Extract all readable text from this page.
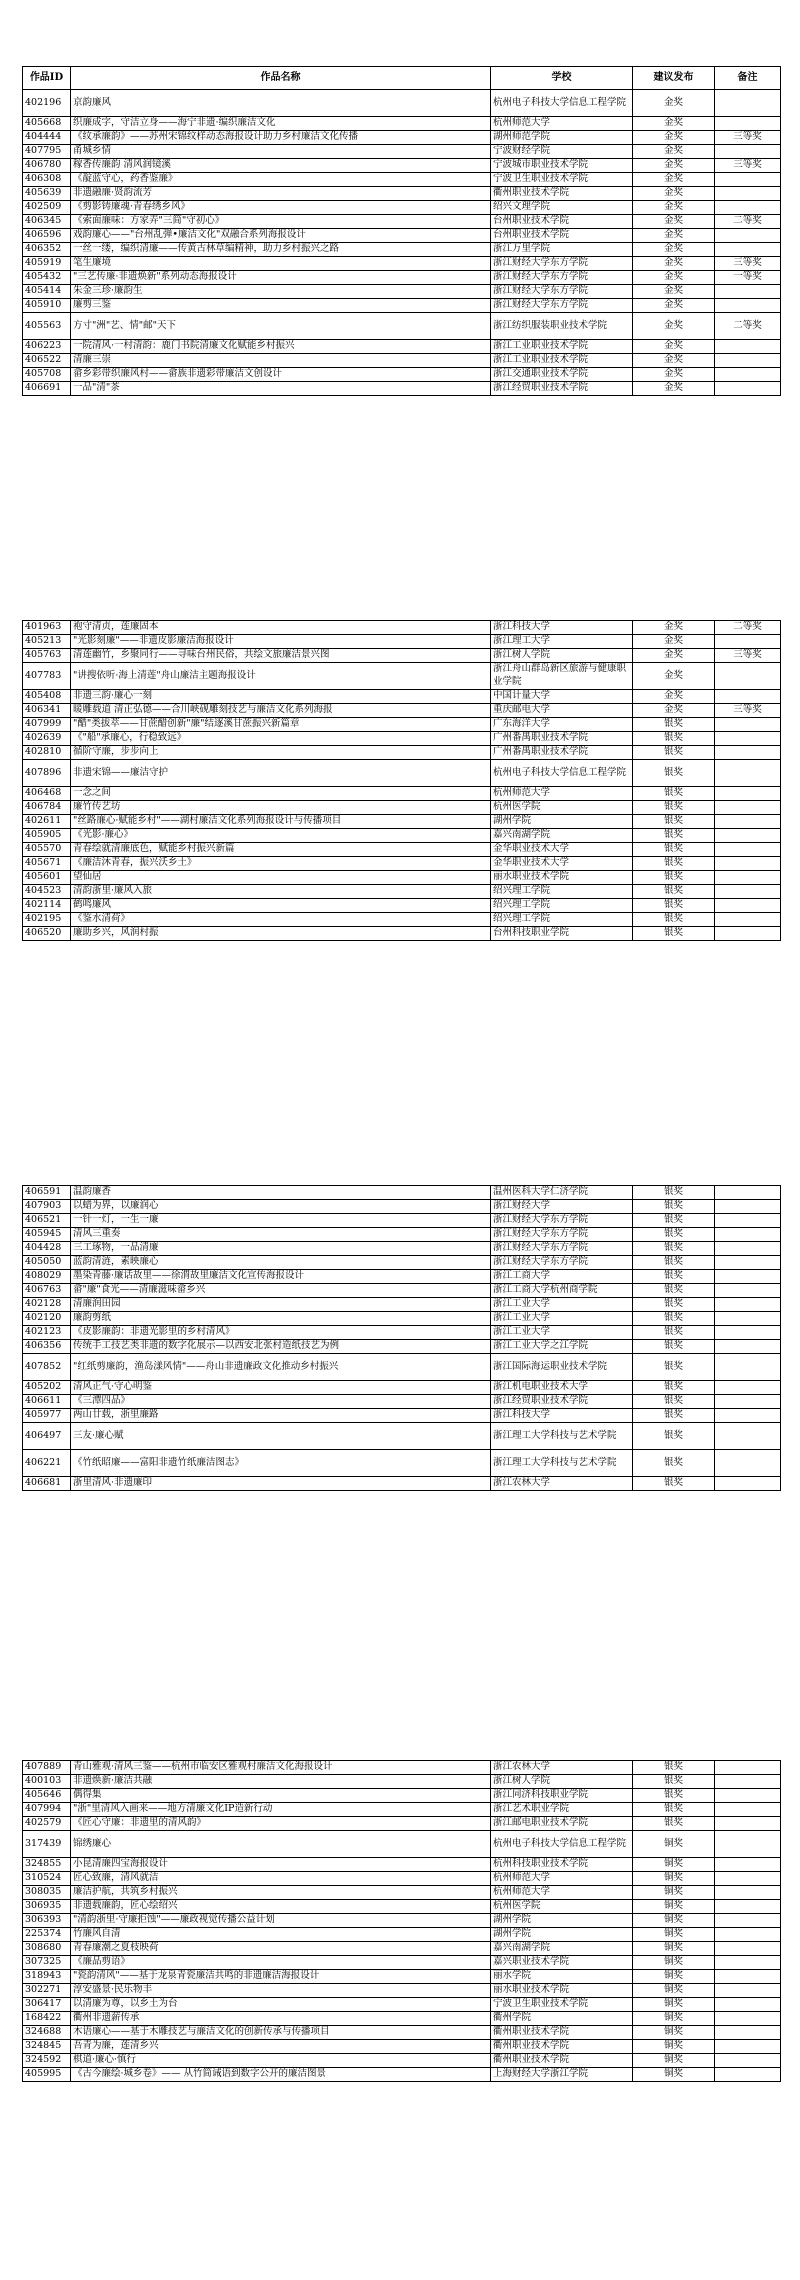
作品ID	作品名称	学校	建议发布	备注
402196	京韵廉风	杭州电子科技大学信息工程学院	金奖	
405668	织廉成字，守洁立身——海宁非遗·编织廉洁文化	杭州师范大学	金奖	
404444	《纹承廉韵》——苏州宋锦纹样动态海报设计助力乡村廉洁文化传播	湖州师范学院	金奖	三等奖
407795	甬城乡情	宁波财经学院	金奖	
406780	稼香传廉韵 清风润镜溪	宁波城市职业技术学院	金奖	三等奖
406308	《靛蓝守心，药香鉴廉》	宁波卫生职业技术学院	金奖	
405639	非遗融廉·贤韵流芳	衢州职业技术学院	金奖	
402509	《剪影铸廉魂·青春绣乡风》	绍兴文理学院	金奖	
406345	《索面廉味：方家弄"三简"守初心》	台州职业技术学院	金奖	二等奖
406596	戏韵廉心——"台州乱弹•廉洁文化"双融合系列海报设计	台州职业技术学院	金奖	
406352	一丝一缕，编织清廉——传黄古林草编精神，助力乡村振兴之路	浙江万里学院	金奖	
405919	笔生廉境	浙江财经大学东方学院	金奖	三等奖
405432	"三艺传廉·非遗焕新"系列动态海报设计	浙江财经大学东方学院	金奖	一等奖
405414	朱金三珍·廉韵生	浙江财经大学东方学院	金奖	
405910	廉剪三鉴	浙江财经大学东方学院	金奖	
405563	方寸"洲"艺、情"邮"天下	浙江纺织服装职业技术学院	金奖	二等奖
406223	一院清风·一村清韵：鹿门书院清廉文化赋能乡村振兴	浙江工业职业技术学院	金奖	
406522	清廉三崇	浙江工业职业技术学院	金奖	
405708	畲乡彩带织廉风村——畲族非遗彩带廉洁文创设计	浙江交通职业技术学院	金奖	
406691	一品"清"茶	浙江经贸职业技术学院	金奖	
401963	袍守清贞，莲廉固本	浙江科技大学	金奖	二等奖
405213	"光影刻廉"——非遗皮影廉洁海报设计	浙江理工大学	金奖	
405763	清莲幽竹，乡聚同行——寻味台州民俗，共绘文旅廉洁景兴图	浙江树人学院	金奖	三等奖
407783	"讲搜依听·海上清莲"舟山廉洁主题海报设计	浙江舟山群岛新区旅游与健康职业学院	金奖	
405408	非遗三韵·廉心一刻	中国计量大学	金奖	
406341	暖雕载道 清正弘德——合川峡砚雕刻技艺与廉洁文化系列海报	重庆邮电大学	金奖	三等奖
407999	"醋"类拔萃——甘蔗醋创新"廉"结逐溪甘蔗振兴新篇章	广东海洋大学	银奖	
402639	《"船"承廉心，行稳致远》	广州番禺职业技术学院	银奖	
402810	循阶守廉，步步向上	广州番禺职业技术学院	银奖	
407896	非遗宋锦——廉洁守护	杭州电子科技大学信息工程学院	银奖	
406468	一念之间	杭州师范大学	银奖	
406784	廉竹传艺坊	杭州医学院	银奖	
402611	"丝路廉心·赋能乡村"——湖村廉洁文化系列海报设计与传播项目	湖州学院	银奖	
405905	《光影·廉心》	嘉兴南湖学院	银奖	
405570	青春绘就清廉底色，赋能乡村振兴新篇	金华职业技术大学	银奖	
405671	《廉洁沐青春，振兴沃乡土》	金华职业技术大学	银奖	
405601	望仙居	丽水职业技术学院	银奖	
404523	清韵浙里·廉风入旅	绍兴理工学院	银奖	
402114	鹤鸣廉风	绍兴理工学院	银奖	
402195	《鉴水清荷》	绍兴理工学院	银奖	
406520	廉助乡兴，风润村振	台州科技职业学院	银奖	
406591	温韵廉香	温州医科大学仁济学院	银奖	
407903	以蜡为界，以廉润心	浙江财经大学	银奖	
406521	一针一灯，一生一廉	浙江财经大学东方学院	银奖	
405945	清风三重奏	浙江财经大学东方学院	银奖	
404428	三工琢物，一品清廉	浙江财经大学东方学院	银奖	
405050	蓝韵清涟，素映廉心	浙江财经大学东方学院	银奖	
408029	墨染青藤·廉话故里——徐渭故里廉洁文化宣传海报设计	浙江工商大学	银奖	
406763	畲"廉"食光——清廉滋味畲乡兴	浙江工商大学杭州商学院	银奖	
402128	清廉润田园	浙江工业大学	银奖	
402120	廉韵剪纸	浙江工业大学	银奖	
402123	《皮影廉韵：非遗光影里的乡村清风》	浙江工业大学	银奖	
406356	传统手工技艺类非遗的数字化展示—以西安北张村造纸技艺为例	浙江工业大学之江学院	银奖	
407852	"红纸剪廉韵，渔岛漾风情"——舟山非遗廉政文化推动乡村振兴	浙江国际海运职业技术学院	银奖	
405202	清风正气·守心明鉴	浙江机电职业技术大学	银奖	
406611	《三潭四品》	浙江经贸职业技术学院	银奖	
405977	两山廿载，浙里廉路	浙江科技大学	银奖	
406497	三友·廉心赋	浙江理工大学科技与艺术学院	银奖	
406221	《竹纸昭廉——富阳非遗竹纸廉洁图志》	浙江理工大学科技与艺术学院	银奖	
406681	浙里清风·非遗廉印	浙江农林大学	银奖	
407889	青山雅观·清风三鉴——杭州市临安区雅观村廉洁文化海报设计	浙江农林大学	银奖	
400103	非遗焕新·廉洁共融	浙江树人学院	银奖	
405646	偶得集	浙江同济科技职业学院	银奖	
407994	"浙"里清风入画来——地方清廉文化IP造新行动	浙江艺术职业学院	银奖	
402579	《匠心守廉：非遗里的清风韵》	浙江邮电职业技术学院	银奖	
317439	锦绣廉心	杭州电子科技大学信息工程学院	铜奖	
324855	小昆清廉四宝海报设计	杭州科技职业技术学院	铜奖	
310524	匠心致廉，清风就洁	杭州师范大学	铜奖	
308035	廉洁护航，共筑乡村振兴	杭州师范大学	铜奖	
306935	非遗载廉韵，匠心绘绍兴	杭州医学院	铜奖	
306393	"清韵浙里·守廉拒蚀"——廉政视觉传播公益计划	湖州学院	铜奖	
225374	竹廉风自清	湖州学院	铜奖	
308680	青春廉潮之夏枝映荷	嘉兴南湖学院	铜奖	
307325	《廉品剪语》	嘉兴职业技术学院	铜奖	
318943	"瓷韵清风"——基于龙泉青瓷廉洁共鸣的非遗廉洁海报设计	丽水学院	铜奖	
302271	淳安盛景·民乐物丰	丽水职业技术学院	铜奖	
306417	以清廉为尊，以乡土为台	宁波卫生职业技术学院	铜奖	
168422	衢州非遗薪传承	衢州学院	铜奖	
324688	木语廉心——基于木雕技艺与廉洁文化的创新传承与传播项目	衢州职业技术学院	铜奖	
324845	吾青为廉，莲清乡兴	衢州职业技术学院	铜奖	
324592	棋道·廉心·慎行	衢州职业技术学院	铜奖	
405995	《古今廉绘·城乡卷》—— 从竹简诫语到数字公开的廉洁图景	上海财经大学浙江学院	铜奖	
